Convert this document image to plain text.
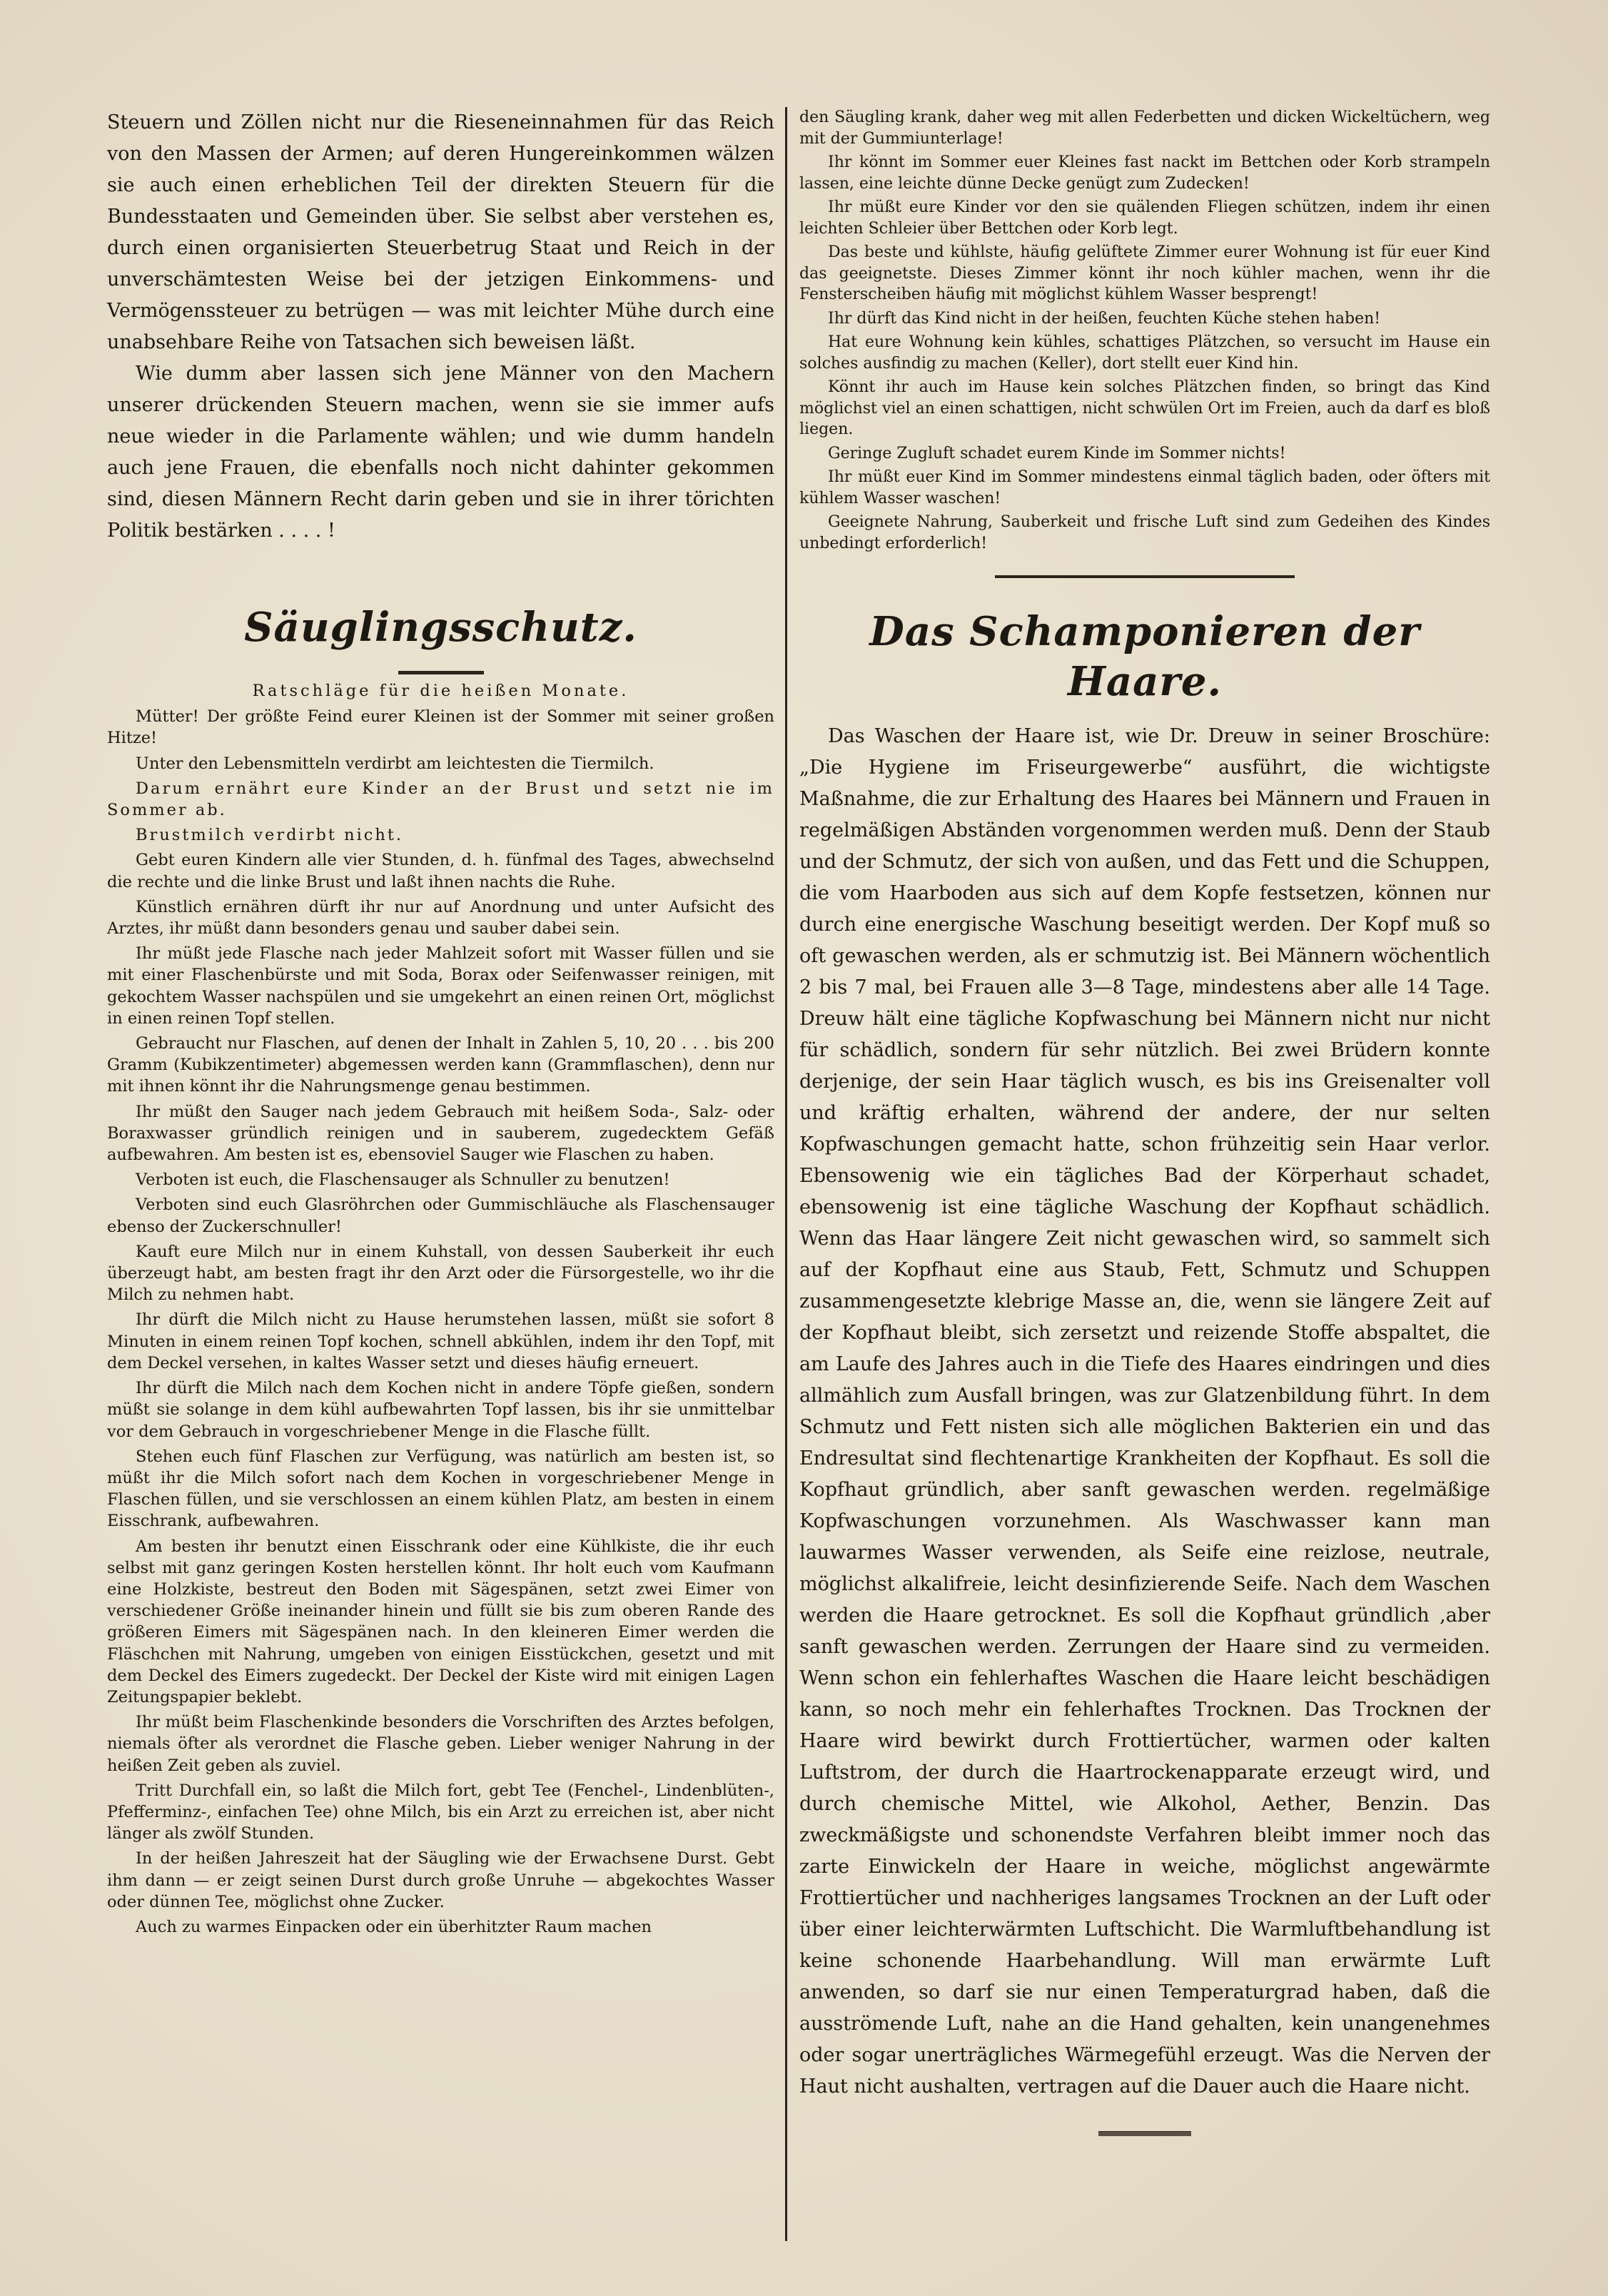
Steuern und Zöllen nicht nur die Rieseneinnahmen für das Reich von den Massen der Armen; auf deren Hungereinkommen wälzen sie auch einen erheblichen Teil der direkten Steuern für die Bundesstaaten und Gemeinden über. Sie selbst aber verstehen es, durch einen organisierten Steuerbetrug Staat und Reich in der unverschämtesten Weise bei der jetzigen Einkommens- und Vermögenssteuer zu betrügen — was mit leichter Mühe durch eine unabsehbare Reihe von Tatsachen sich beweisen läßt.

Wie dumm aber lassen sich jene Männer von den Machern unserer drückenden Steuern machen, wenn sie sie immer aufs neue wieder in die Parlamente wählen; und wie dumm handeln auch jene Frauen, die ebenfalls noch nicht dahinter gekommen sind, diesen Männern Recht darin geben und sie in ihrer törichten Politik bestärken . . . . !

Säuglingsschutz.

Ratschläge für die heißen Monate.

Mütter! Der größte Feind eurer Kleinen ist der Sommer mit seiner großen Hitze!

Unter den Lebensmitteln verdirbt am leichtesten die Tiermilch.

Darum ernährt eure Kinder an der Brust und setzt nie im Sommer ab.

Brustmilch verdirbt nicht.

Gebt euren Kindern alle vier Stunden, d. h. fünfmal des Tages, abwechselnd die rechte und die linke Brust und laßt ihnen nachts die Ruhe.

Künstlich ernähren dürft ihr nur auf Anordnung und unter Aufsicht des Arztes, ihr müßt dann besonders genau und sauber dabei sein.

Ihr müßt jede Flasche nach jeder Mahlzeit sofort mit Wasser füllen und sie mit einer Flaschenbürste und mit Soda, Borax oder Seifenwasser reinigen, mit gekochtem Wasser nachspülen und sie umgekehrt an einen reinen Ort, möglichst in einen reinen Topf stellen.

Gebraucht nur Flaschen, auf denen der Inhalt in Zahlen 5, 10, 20 . . . bis 200 Gramm (Kubikzentimeter) abgemessen werden kann (Grammflaschen), denn nur mit ihnen könnt ihr die Nahrungsmenge genau bestimmen.

Ihr müßt den Sauger nach jedem Gebrauch mit heißem Soda-, Salz- oder Boraxwasser gründlich reinigen und in sauberem, zugedecktem Gefäß aufbewahren. Am besten ist es, ebensoviel Sauger wie Flaschen zu haben.

Verboten ist euch, die Flaschensauger als Schnuller zu benutzen!

Verboten sind euch Glasröhrchen oder Gummischläuche als Flaschensauger ebenso der Zuckerschnuller!

Kauft eure Milch nur in einem Kuhstall, von dessen Sauberkeit ihr euch überzeugt habt, am besten fragt ihr den Arzt oder die Fürsorgestelle, wo ihr die Milch zu nehmen habt.

Ihr dürft die Milch nicht zu Hause herumstehen lassen, müßt sie sofort 8 Minuten in einem reinen Topf kochen, schnell abkühlen, indem ihr den Topf, mit dem Deckel versehen, in kaltes Wasser setzt und dieses häufig erneuert.

Ihr dürft die Milch nach dem Kochen nicht in andere Töpfe gießen, sondern müßt sie solange in dem kühl aufbewahrten Topf lassen, bis ihr sie unmittelbar vor dem Gebrauch in vorgeschriebener Menge in die Flasche füllt.

Stehen euch fünf Flaschen zur Verfügung, was natürlich am besten ist, so müßt ihr die Milch sofort nach dem Kochen in vorgeschriebener Menge in Flaschen füllen, und sie verschlossen an einem kühlen Platz, am besten in einem Eisschrank, aufbewahren.

Am besten ihr benutzt einen Eisschrank oder eine Kühlkiste, die ihr euch selbst mit ganz geringen Kosten herstellen könnt. Ihr holt euch vom Kaufmann eine Holzkiste, bestreut den Boden mit Sägespänen, setzt zwei Eimer von verschiedener Größe ineinander hinein und füllt sie bis zum oberen Rande des größeren Eimers mit Sägespänen nach. In den kleineren Eimer werden die Fläschchen mit Nahrung, umgeben von einigen Eisstückchen, gesetzt und mit dem Deckel des Eimers zugedeckt. Der Deckel der Kiste wird mit einigen Lagen Zeitungspapier beklebt.

Ihr müßt beim Flaschenkinde besonders die Vorschriften des Arztes befolgen, niemals öfter als verordnet die Flasche geben. Lieber weniger Nahrung in der heißen Zeit geben als zuviel.

Tritt Durchfall ein, so laßt die Milch fort, gebt Tee (Fenchel-, Lindenblüten-, Pfefferminz-, einfachen Tee) ohne Milch, bis ein Arzt zu erreichen ist, aber nicht länger als zwölf Stunden.

In der heißen Jahreszeit hat der Säugling wie der Erwachsene Durst. Gebt ihm dann — er zeigt seinen Durst durch große Unruhe — abgekochtes Wasser oder dünnen Tee, möglichst ohne Zucker.

Auch zu warmes Einpacken oder ein überhitzter Raum machen

den Säugling krank, daher weg mit allen Federbetten und dicken Wickeltüchern, weg mit der Gummiunterlage!

Ihr könnt im Sommer euer Kleines fast nackt im Bettchen oder Korb strampeln lassen, eine leichte dünne Decke genügt zum Zudecken!

Ihr müßt eure Kinder vor den sie quälenden Fliegen schützen, indem ihr einen leichten Schleier über Bettchen oder Korb legt.

Das beste und kühlste, häufig gelüftete Zimmer eurer Wohnung ist für euer Kind das geeignetste. Dieses Zimmer könnt ihr noch kühler machen, wenn ihr die Fensterscheiben häufig mit möglichst kühlem Wasser besprengt!

Ihr dürft das Kind nicht in der heißen, feuchten Küche stehen haben!

Hat eure Wohnung kein kühles, schattiges Plätzchen, so versucht im Hause ein solches ausfindig zu machen (Keller), dort stellt euer Kind hin.

Könnt ihr auch im Hause kein solches Plätzchen finden, so bringt das Kind möglichst viel an einen schattigen, nicht schwülen Ort im Freien, auch da darf es bloß liegen.

Geringe Zugluft schadet eurem Kinde im Sommer nichts!

Ihr müßt euer Kind im Sommer mindestens einmal täglich baden, oder öfters mit kühlem Wasser waschen!

Geeignete Nahrung, Sauberkeit und frische Luft sind zum Gedeihen des Kindes unbedingt erforderlich!

Das Schamponieren der Haare.

Das Waschen der Haare ist, wie Dr. Dreuw in seiner Broschüre: „Die Hygiene im Friseurgewerbe“ ausführt, die wichtigste Maßnahme, die zur Erhaltung des Haares bei Männern und Frauen in regelmäßigen Abständen vorgenommen werden muß. Denn der Staub und der Schmutz, der sich von außen, und das Fett und die Schuppen, die vom Haarboden aus sich auf dem Kopfe festsetzen, können nur durch eine energische Waschung beseitigt werden. Der Kopf muß so oft gewaschen werden, als er schmutzig ist. Bei Männern wöchentlich 2 bis 7 mal, bei Frauen alle 3—8 Tage, mindestens aber alle 14 Tage. Dreuw hält eine tägliche Kopfwaschung bei Männern nicht nur nicht für schädlich, sondern für sehr nützlich. Bei zwei Brüdern konnte derjenige, der sein Haar täglich wusch, es bis ins Greisenalter voll und kräftig erhalten, während der andere, der nur selten Kopfwaschungen gemacht hatte, schon frühzeitig sein Haar verlor. Ebensowenig wie ein tägliches Bad der Körperhaut schadet, ebensowenig ist eine tägliche Waschung der Kopfhaut schädlich. Wenn das Haar längere Zeit nicht gewaschen wird, so sammelt sich auf der Kopfhaut eine aus Staub, Fett, Schmutz und Schuppen zusammengesetzte klebrige Masse an, die, wenn sie längere Zeit auf der Kopfhaut bleibt, sich zersetzt und reizende Stoffe abspaltet, die am Laufe des Jahres auch in die Tiefe des Haares eindringen und dies allmählich zum Ausfall bringen, was zur Glatzenbildung führt. In dem Schmutz und Fett nisten sich alle möglichen Bakterien ein und das Endresultat sind flechtenartige Krankheiten der Kopfhaut. Es soll die Kopfhaut gründlich, aber sanft gewaschen werden. regelmäßige Kopfwaschungen vorzunehmen. Als Waschwasser kann man lauwarmes Wasser verwenden, als Seife eine reizlose, neutrale, möglichst alkalifreie, leicht desinfizierende Seife. Nach dem Waschen werden die Haare getrocknet. Es soll die Kopfhaut gründlich ,aber sanft gewaschen werden. Zerrungen der Haare sind zu vermeiden. Wenn schon ein fehlerhaftes Waschen die Haare leicht beschädigen kann, so noch mehr ein fehlerhaftes Trocknen. Das Trocknen der Haare wird bewirkt durch Frottiertücher, warmen oder kalten Luftstrom, der durch die Haartrockenapparate erzeugt wird, und durch chemische Mittel, wie Alkohol, Aether, Benzin. Das zweckmäßigste und schonendste Verfahren bleibt immer noch das zarte Einwickeln der Haare in weiche, möglichst angewärmte Frottiertücher und nachheriges langsames Trocknen an der Luft oder über einer leichterwärmten Luftschicht. Die Warmluftbehandlung ist keine schonende Haarbehandlung. Will man erwärmte Luft anwenden, so darf sie nur einen Temperaturgrad haben, daß die ausströmende Luft, nahe an die Hand gehalten, kein unangenehmes oder sogar unerträgliches Wärmegefühl erzeugt. Was die Nerven der Haut nicht aushalten, vertragen auf die Dauer auch die Haare nicht.
